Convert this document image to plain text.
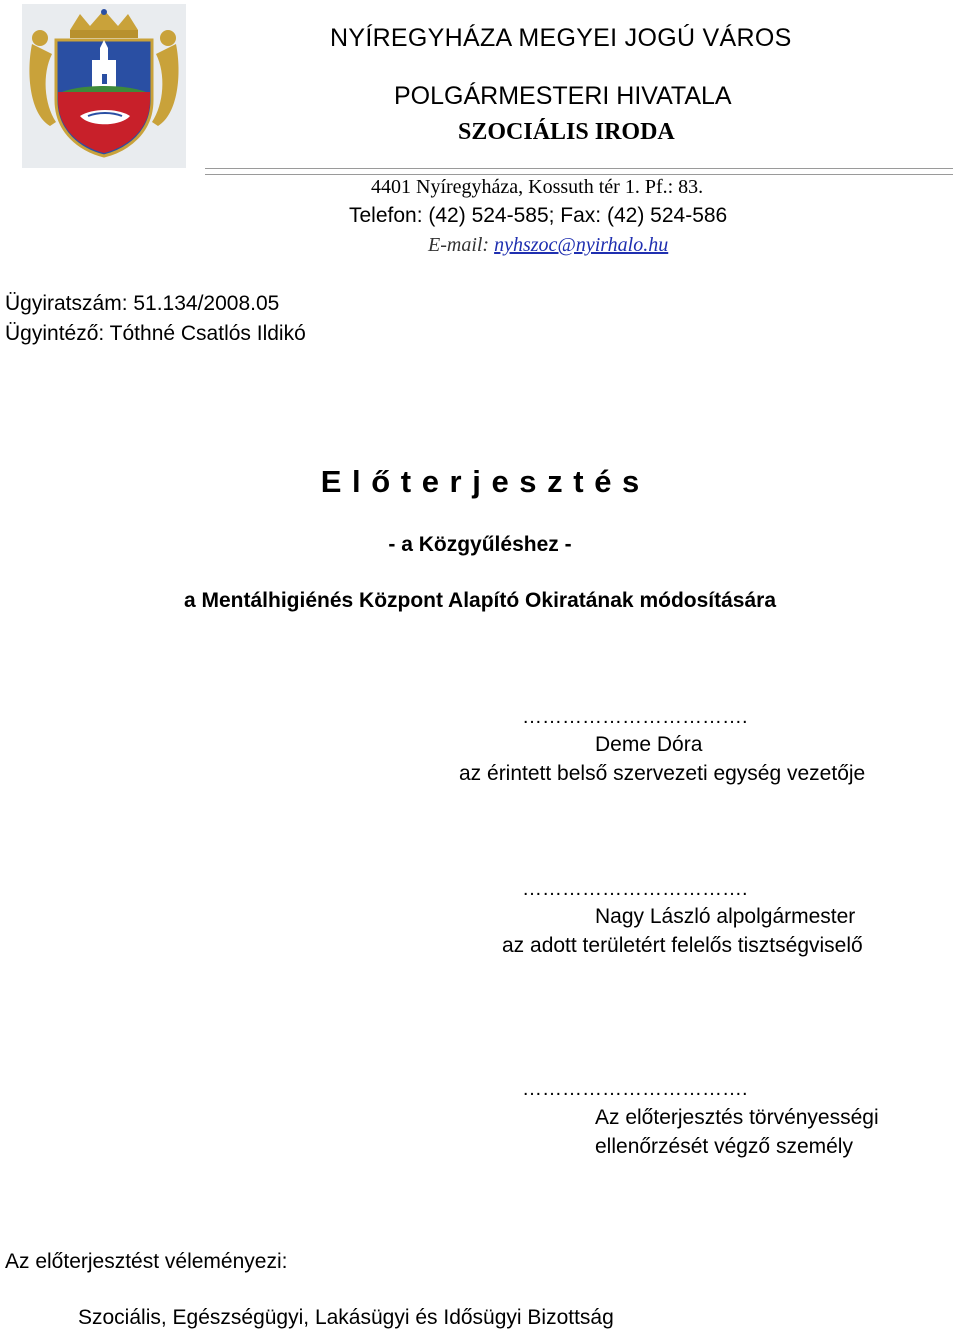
NYÍREGYHÁZA MEGYEI JOGÚ VÁROS
POLGÁRMESTERI HIVATALA
SZOCIÁLIS IRODA
4401 Nyíregyháza, Kossuth tér 1. Pf.: 83.
Telefon: (42) 524-585; Fax: (42) 524-586
E-mail: nyhszoc@nyirhalo.hu
Ügyiratszám: 51.134/2008.05
Ügyintéző: Tóthné Csatlós Ildikó
E l ő t e r j e s z t é s
- a Közgyűléshez -
a Mentálhigiénés Központ Alapító Okiratának módosítására
…………………………….
Deme Dóra
az érintett belső szervezeti egység vezetője
…………………………….
Nagy László alpolgármester
az adott területért felelős tisztségviselő
…………………………….
Az előterjesztés törvényességi
ellenőrzését végző személy
Az előterjesztést véleményezi:
Szociális, Egészségügyi, Lakásügyi és Idősügyi Bizottság
